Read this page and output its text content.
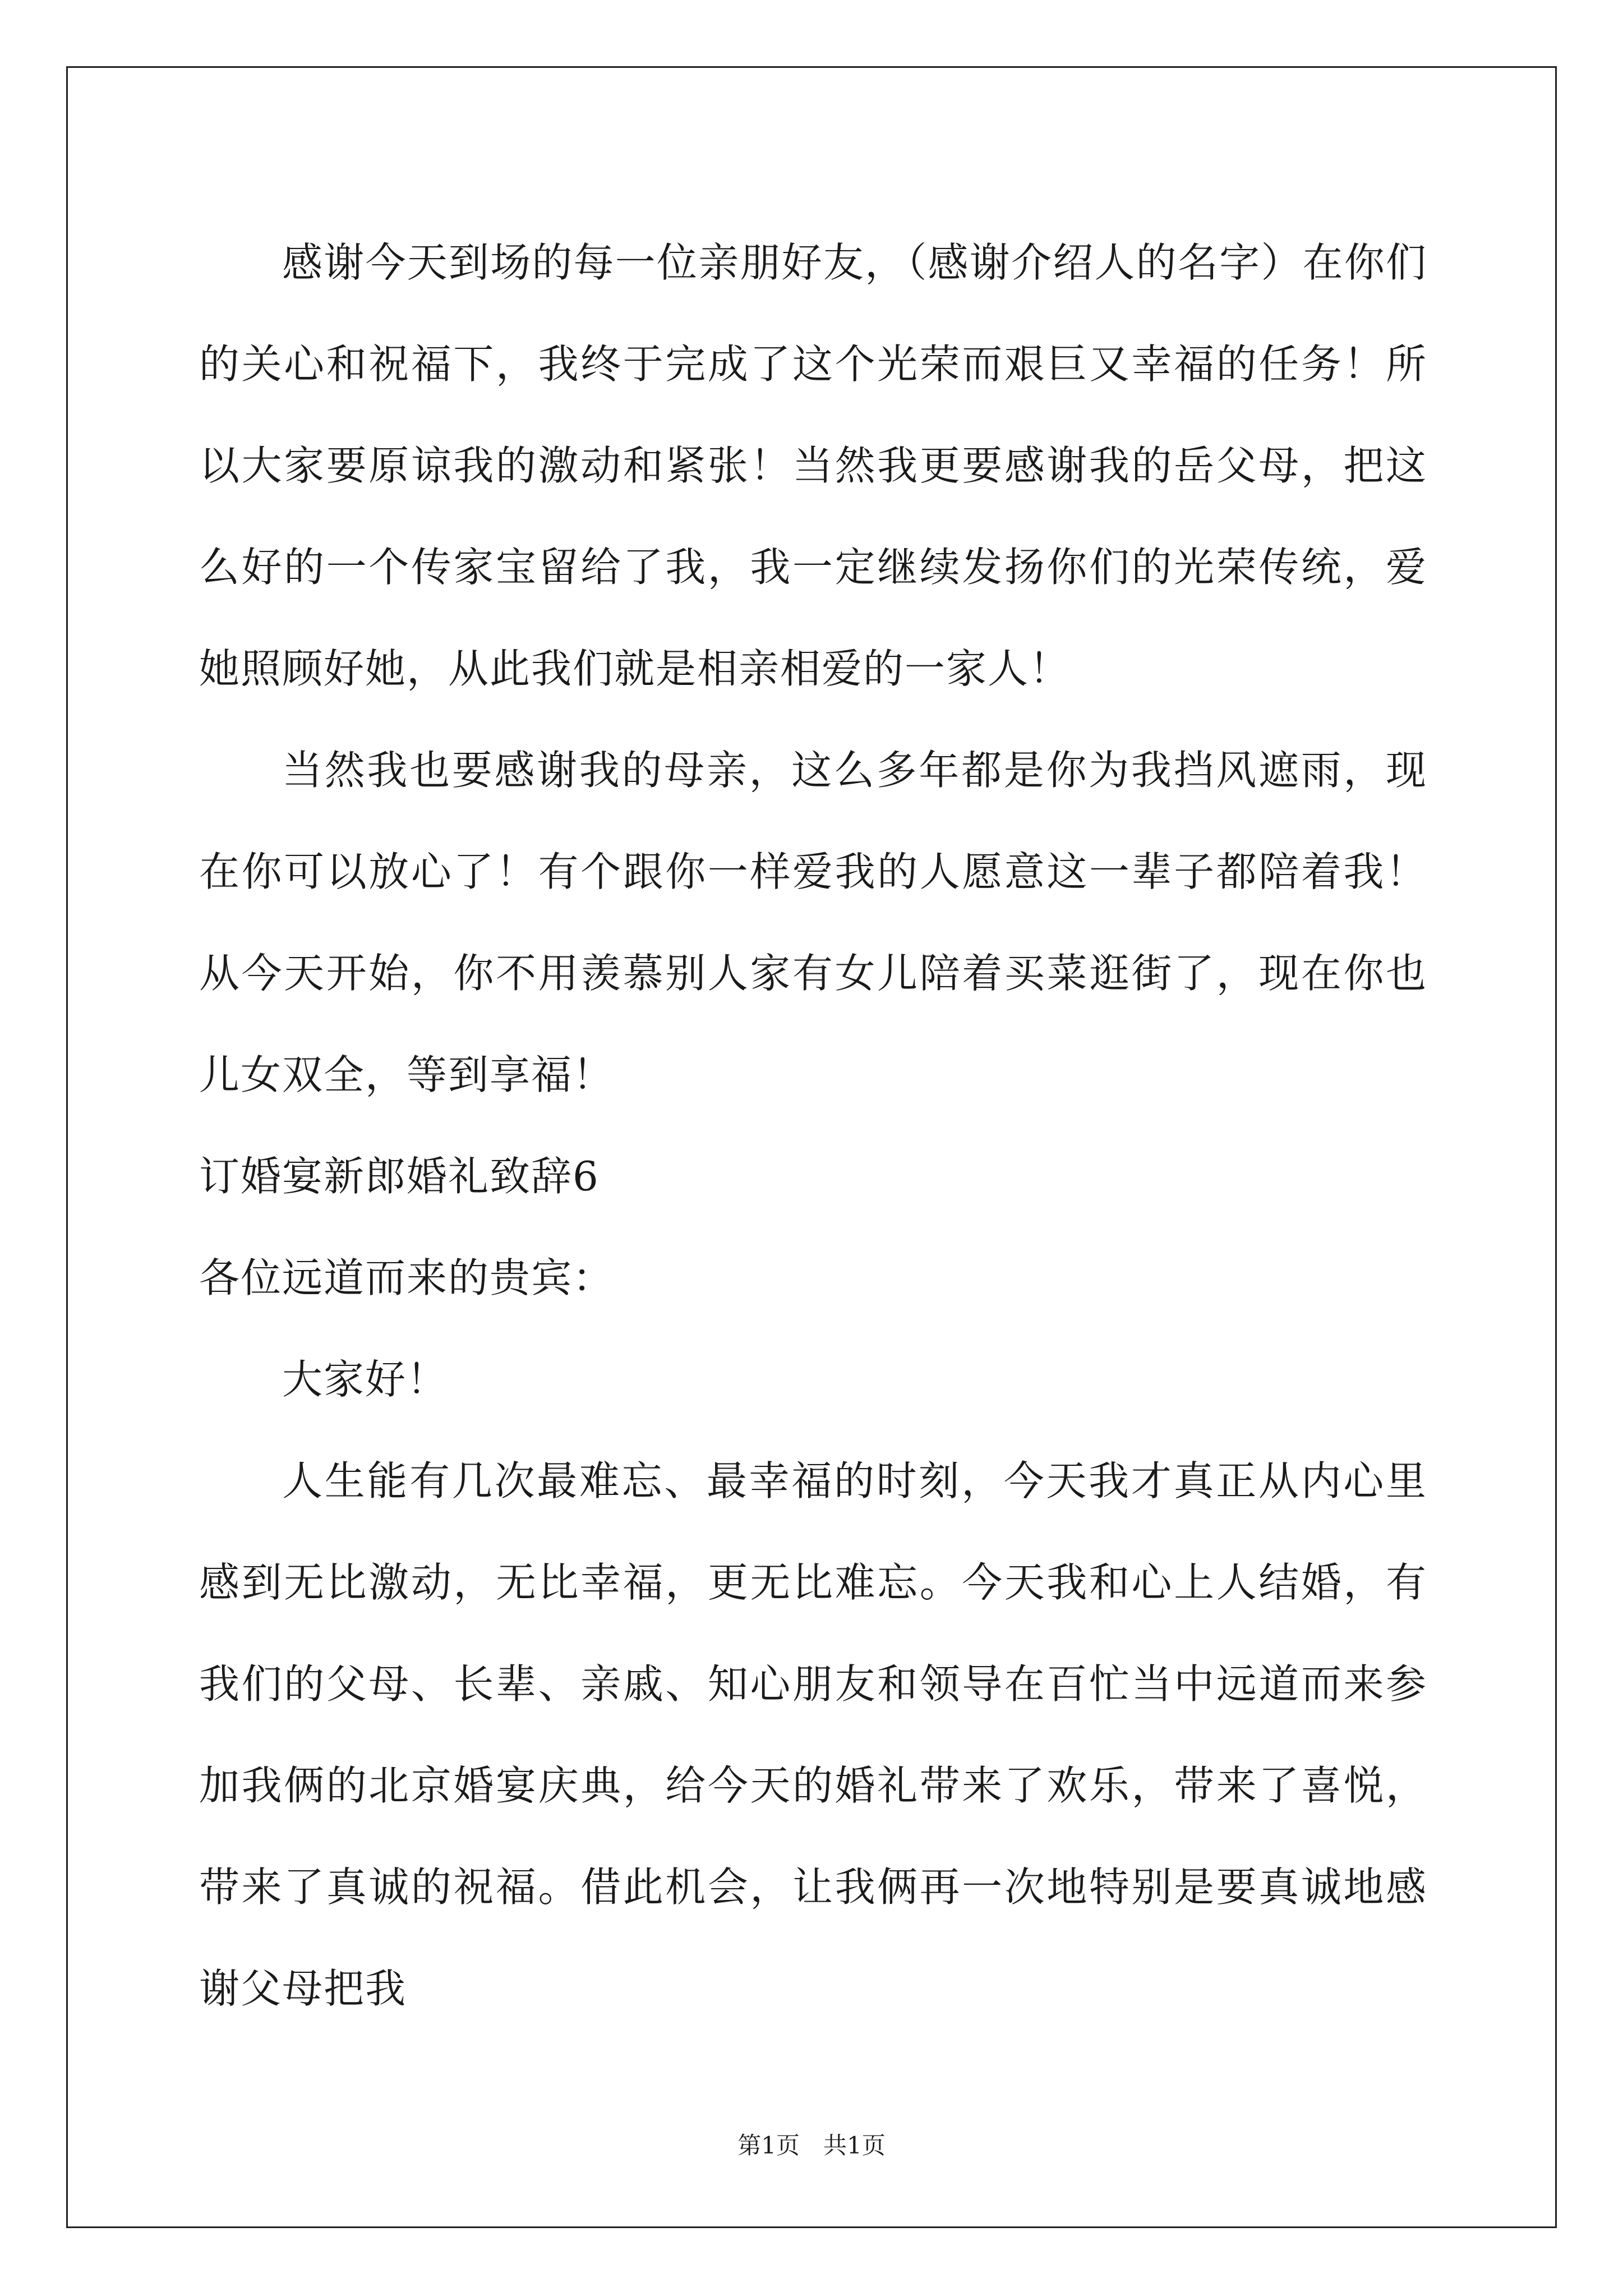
感谢今天到场的每一位亲朋好友，（感谢介绍人的名字）在你们的关心和祝福下，我终于完成了这个光荣而艰巨又幸福的任务！所以大家要原谅我的激动和紧张！当然我更要感谢我的岳父母，把这么好的一个传家宝留给了我，我一定继续发扬你们的光荣传统，爱她照顾好她，从此我们就是相亲相爱的一家人！

当然我也要感谢我的母亲，这么多年都是你为我挡风遮雨，现在你可以放心了！有个跟你一样爱我的人愿意这一辈子都陪着我！从今天开始，你不用羡慕别人家有女儿陪着买菜逛街了，现在你也儿女双全，等到享福！

订婚宴新郎婚礼致辞6

各位远道而来的贵宾：

大家好！

人生能有几次最难忘、最幸福的时刻，今天我才真正从内心里感到无比激动，无比幸福，更无比难忘。今天我和心上人结婚，有我们的父母、长辈、亲戚、知心朋友和领导在百忙当中远道而来参加我俩的北京婚宴庆典，给今天的婚礼带来了欢乐，带来了喜悦，带来了真诚的祝福。借此机会，让我俩再一次地特别是要真诚地感谢父母把我

第1页　共1页
